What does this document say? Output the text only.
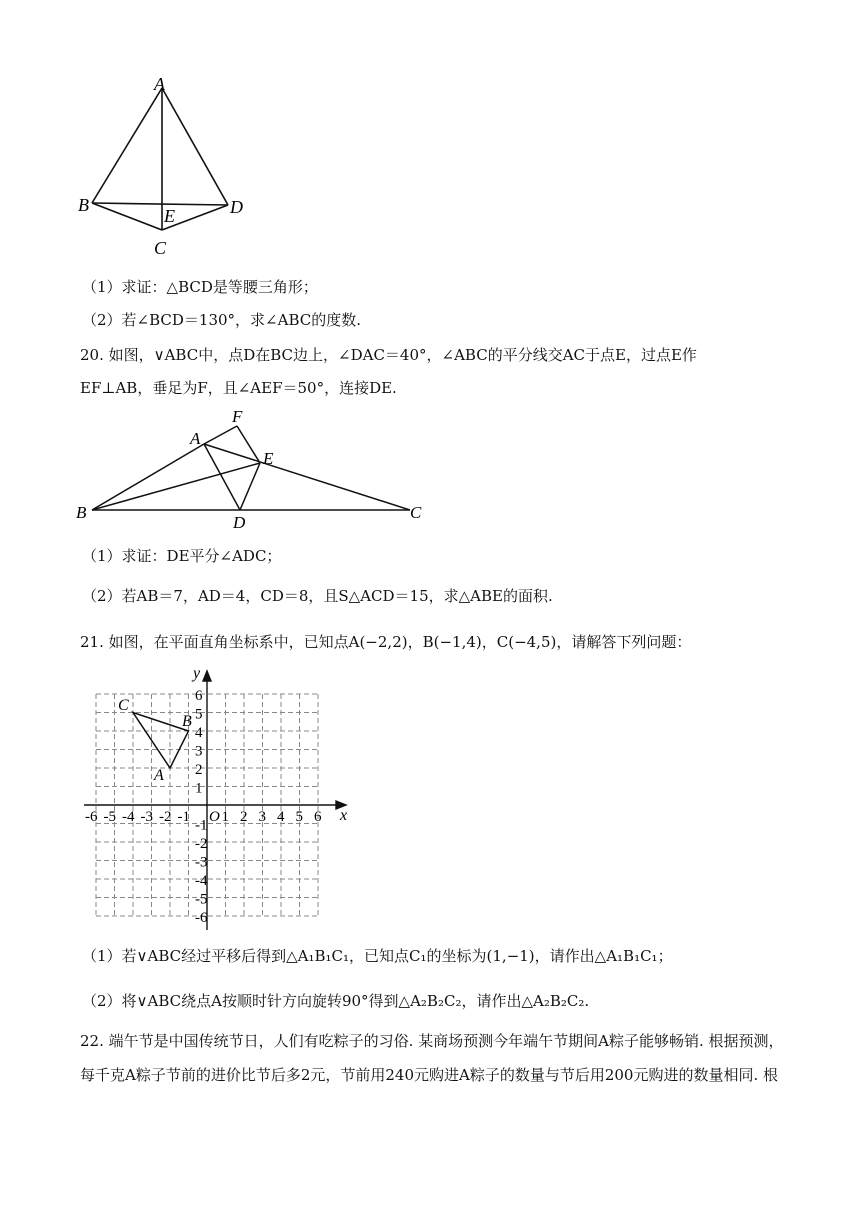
A
B
C
D
E
（1）求证：△BCD是等腰三角形；
（2）若∠BCD＝130°，求∠ABC的度数.
20. 如图，∨ABC中，点D在BC边上，∠DAC＝40°，∠ABC的平分线交AC于点E，过点E作
EF⊥AB，垂足为F，且∠AEF＝50°，连接DE.
A
B	C
D
E
F
（1）求证：DE平分∠ADC；
（2）若AB＝7，AD＝4，CD＝8，且S△ACD＝15，求△ABE的面积.
21. 如图，在平面直角坐标系中，已知点A(−2,2)，B(−1,4)，C(−4,5)，请解答下列问题：
-6 -5 -4 -3 -2 -1 1 2 3 4 5 6
1
2
3
4
5
6
-1
-2
-3
-4
-5
-6
x
y
O
A
B
C
（1）若∨ABC经过平移后得到△A₁B₁C₁，已知点C₁的坐标为(1,−1)，请作出△A₁B₁C₁；
（2）将∨ABC绕点A按顺时针方向旋转90°得到△A₂B₂C₂，请作出△A₂B₂C₂.
22. 端午节是中国传统节日，人们有吃粽子的习俗. 某商场预测今年端午节期间A粽子能够畅销. 根据预测，每千克A粽子节前的进价比节后多2元，节前用240元购进A粽子的数量与节后用200元购进的数量相同. 根
